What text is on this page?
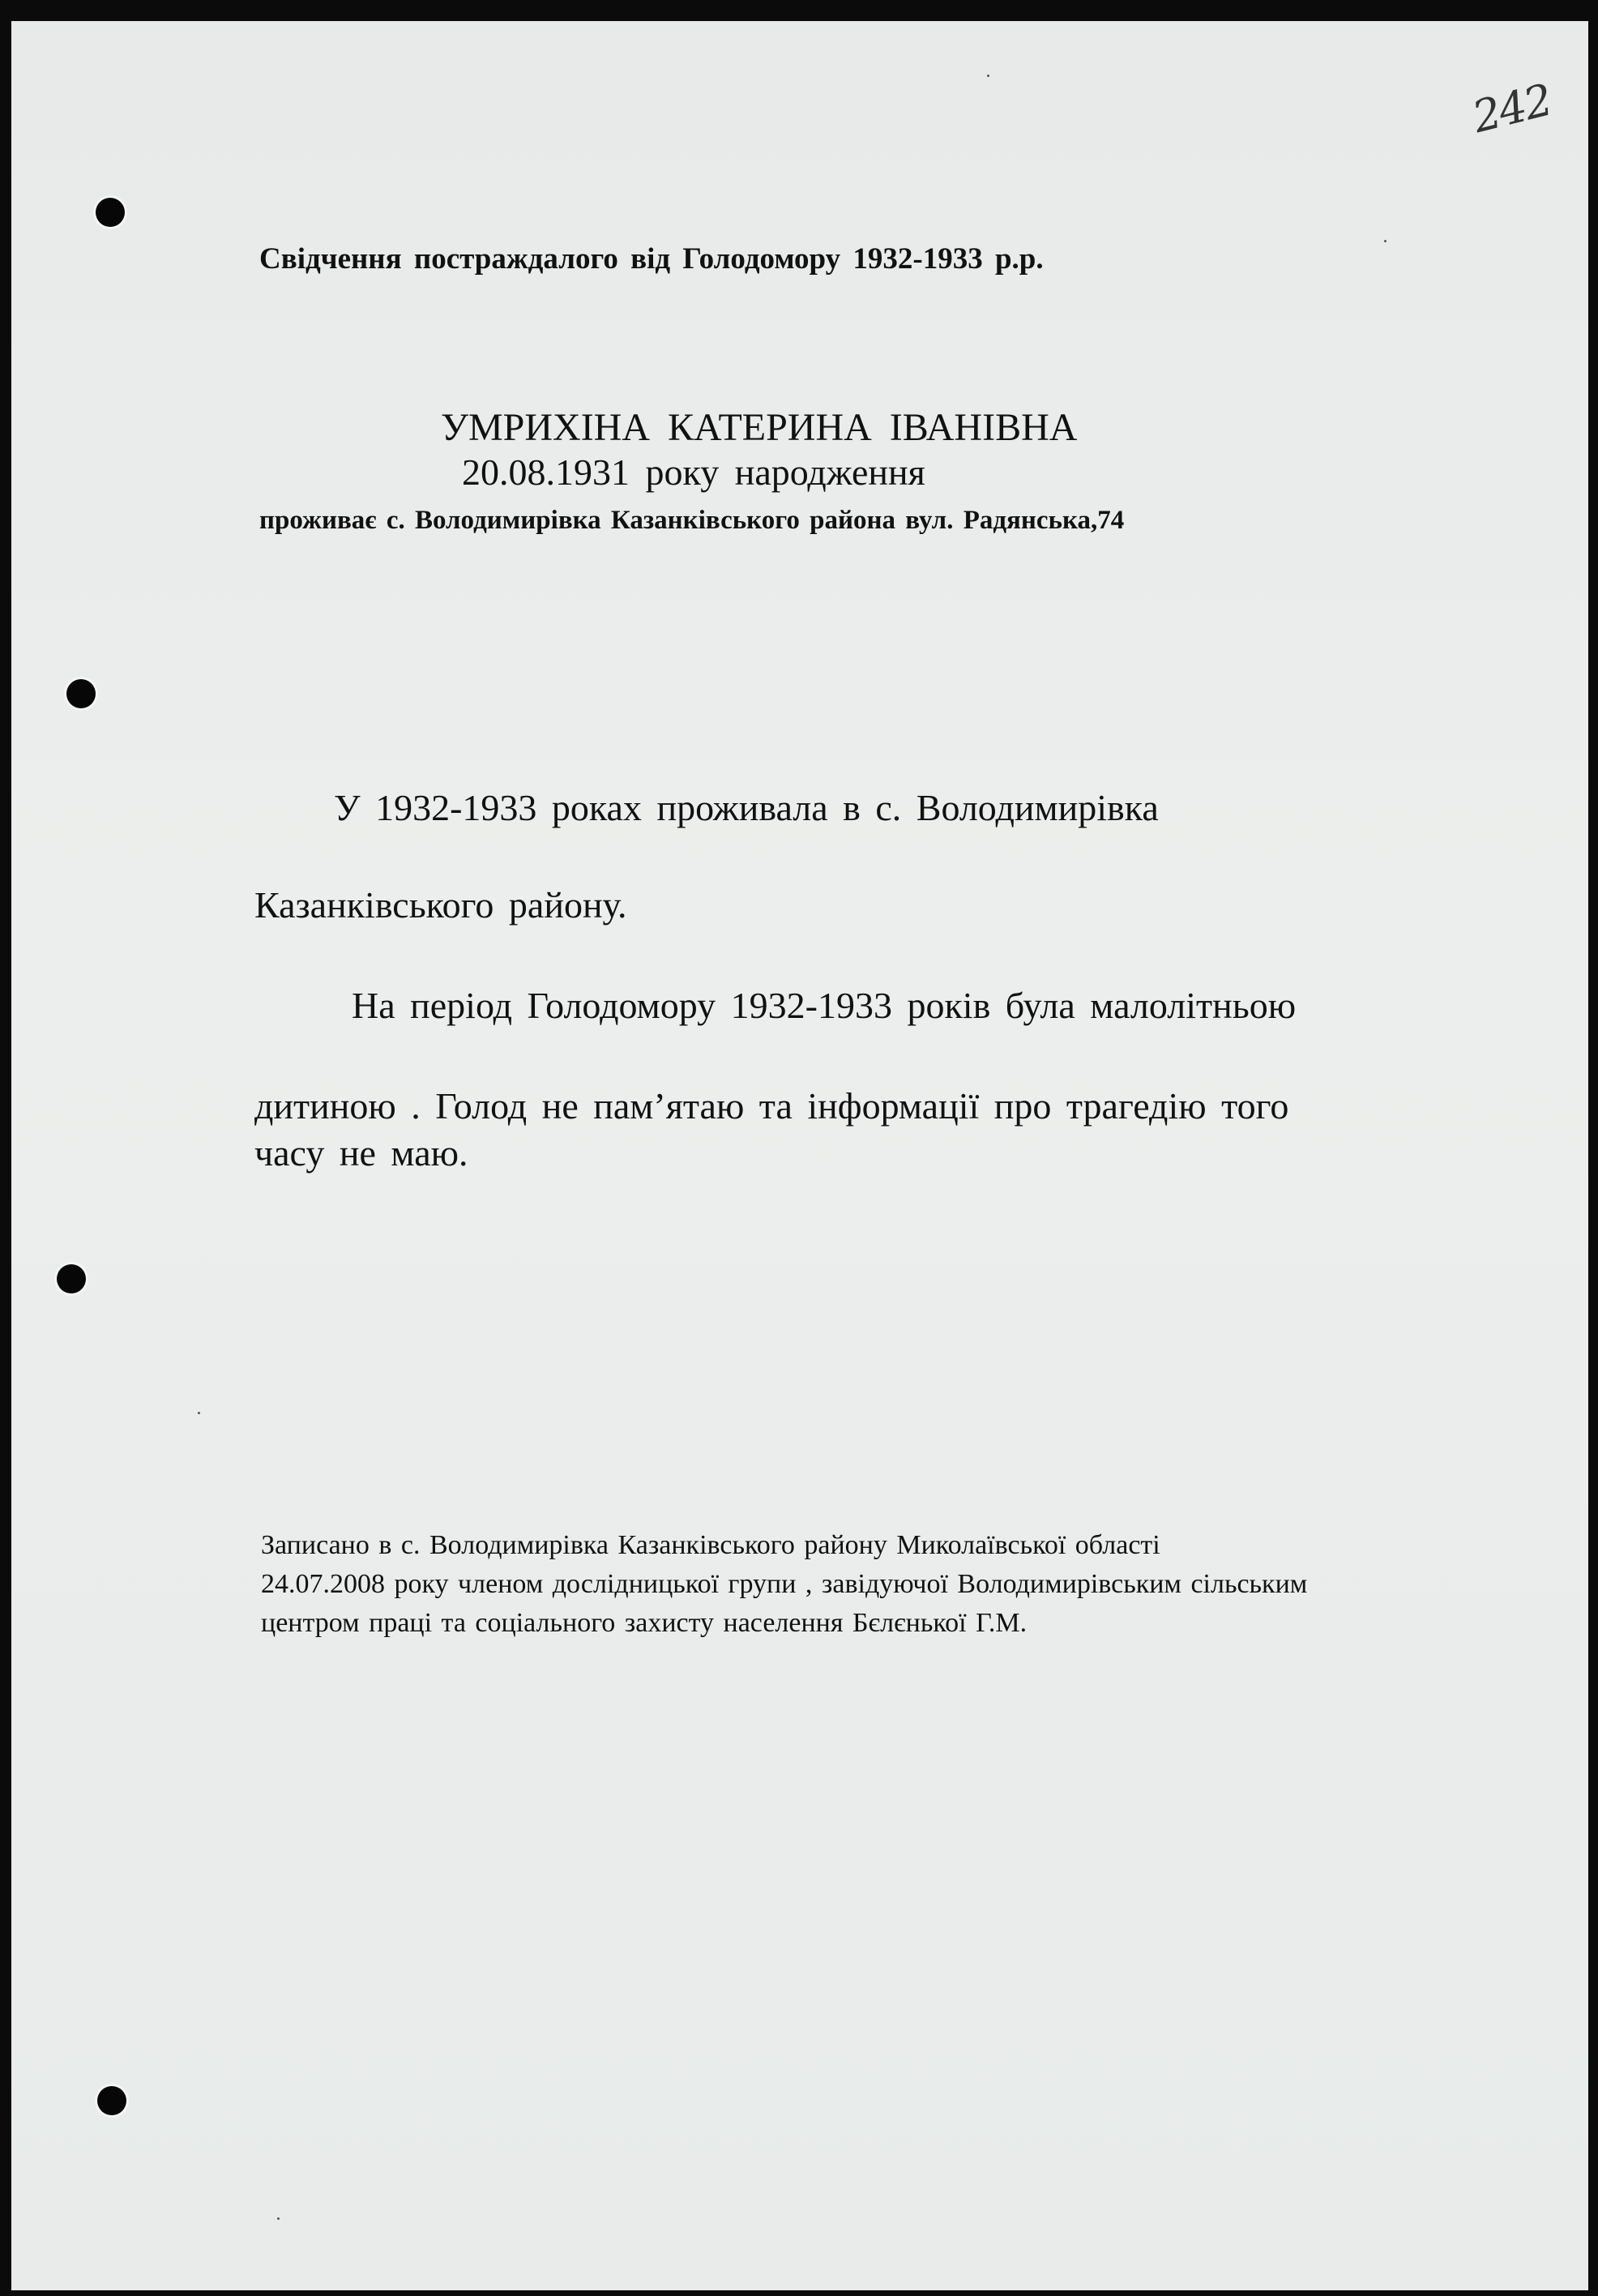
242
Свідчення постраждалого від Голодомору 1932-1933 р.р.
УМРИХІНА КАТЕРИНА ІВАНІВНА
20.08.1931 року народження
проживає с. Володимирівка Казанківського района вул. Радянська,74
У 1932-1933 роках проживала в с. Володимирівка
Казанківського району.
На період Голодомору 1932-1933 років була малолітньою
дитиною . Голод не пам’ятаю та інформації про трагедію того
часу не маю.
Записано в с. Володимирівка Казанківського району Миколаївської області
24.07.2008 року членом дослідницької групи , завідуючої Володимирівським сільським
центром праці та соціального захисту населення Бєлєнької Г.М.
